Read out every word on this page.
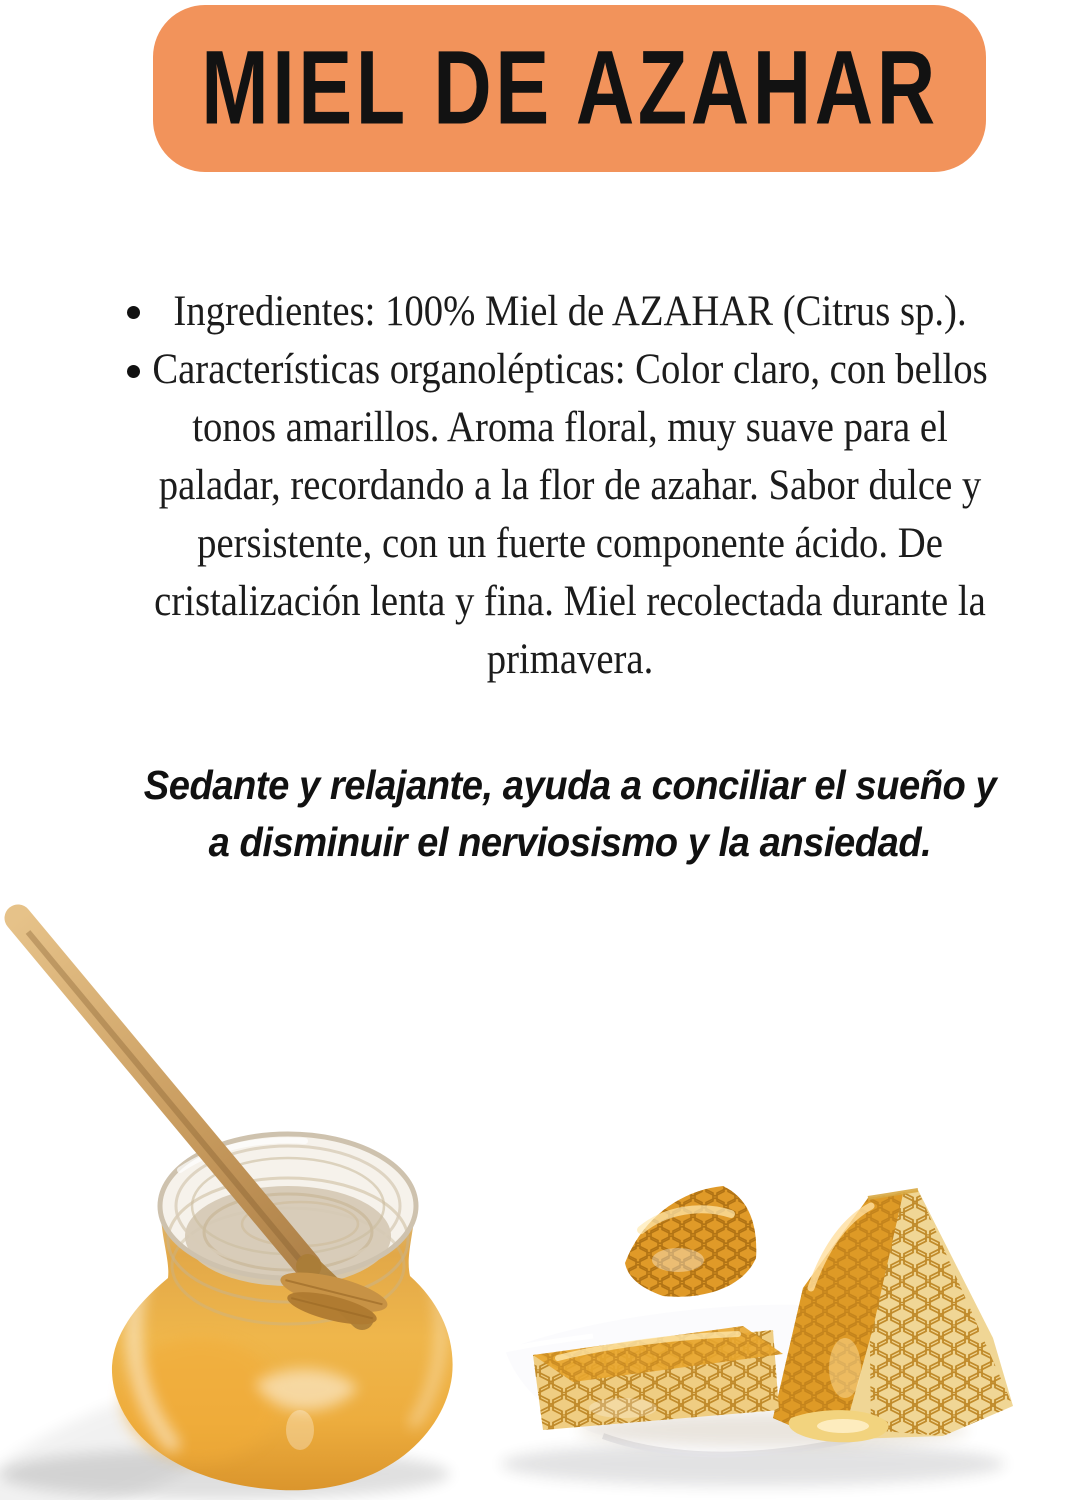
MIEL DE AZAHAR
Ingredientes: 100% Miel de AZAHAR (Citrus sp.).
Características organolépticas: Color claro, con bellos
tonos amarillos. Aroma floral, muy suave para el
paladar, recordando a la flor de azahar. Sabor dulce y
persistente, con un fuerte componente ácido. De
cristalización lenta y fina. Miel recolectada durante la
primavera.
Sedante y relajante, ayuda a conciliar el sueño y
a disminuir el nerviosismo y la ansiedad.
